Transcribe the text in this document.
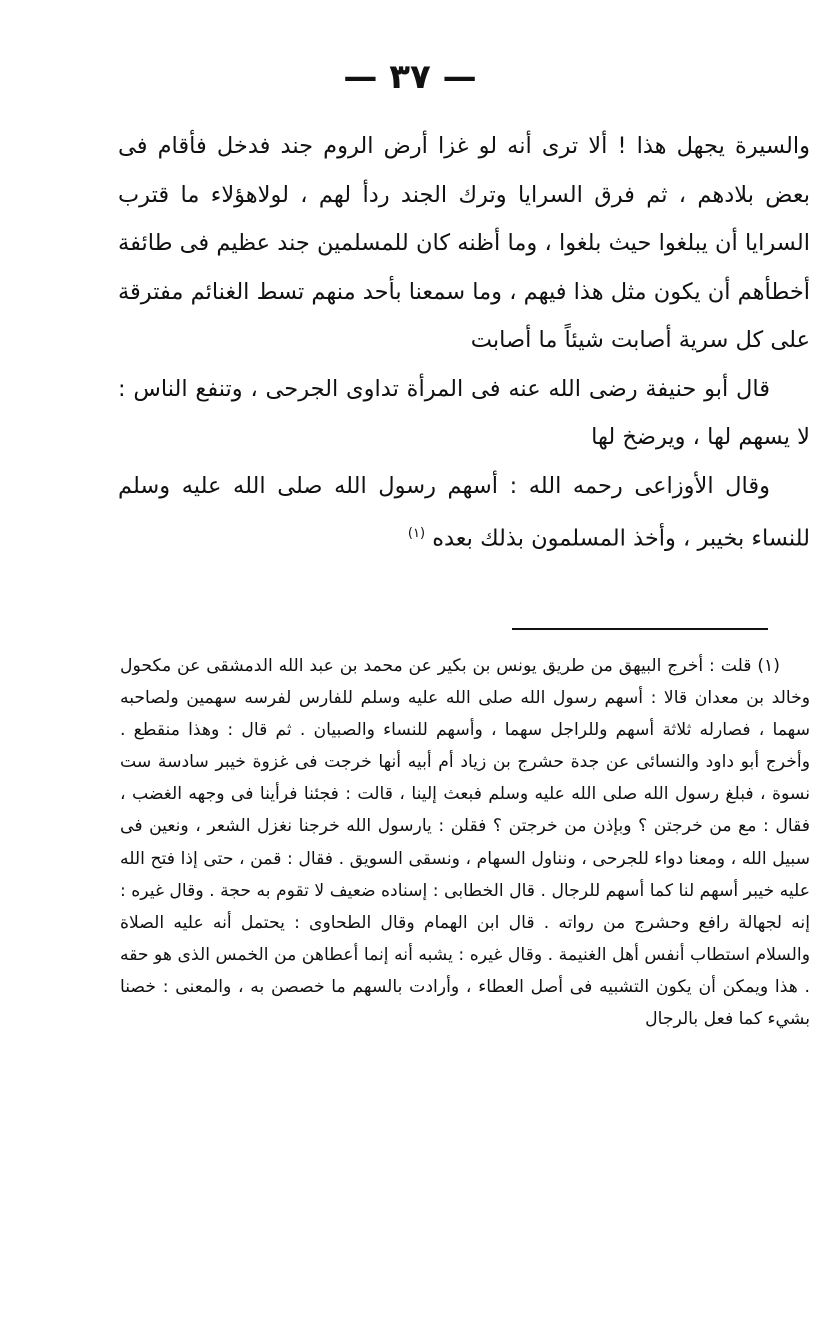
— ٣٧ —

والسيرة يجهل هذا ! ألا ترى أنه لو غزا أرض الروم جند فدخل فأقام فى بعض بلادهم ، ثم فرق السرايا وترك الجند ردأ لهم ، لولاهؤلاء ما قترب السرايا أن يبلغوا حيث بلغوا ، وما أظنه كان للمسلمين جند عظيم فى طائفة أخطأهم أن يكون مثل هذا فيهم ، وما سمعنا بأحد منهم تسط الغنائم مفترقة على كل سرية أصابت شيئاً ما أصابت

قال أبو حنيفة رضى الله عنه فى المرأة تداوى الجرحى ، وتنفع الناس : لا يسهم لها ، ويرضخ لها

وقال الأوزاعى رحمه الله : أسهم رسول الله صلى الله عليه وسلم للنساء بخيبر ، وأخذ المسلمون بذلك بعده $^{(١)}$

(١) قلت : أخرج البيهق من طريق يونس بن بكير عن محمد بن عبد الله الدمشقى عن مكحول وخالد بن معدان قالا : أسهم رسول الله صلى الله عليه وسلم للفارس لفرسه سهمين ولصاحبه سهما ، فصارله ثلاثة أسهم وللراجل سهما ، وأسهم للنساء والصبيان . ثم قال : وهذا منقطع . وأخرج أبو داود والنسائى عن جدة حشرج بن زياد أم أبيه أنها خرجت فى غزوة خيبر سادسة ست نسوة ، فبلغ رسول الله صلى الله عليه وسلم فبعث إلينا ، قالت : فجئنا فرأينا فى وجهه الغضب ، فقال : مع من خرجتن ؟ وبإذن من خرجتن ؟ فقلن : يارسول الله خرجنا نغزل الشعر ، ونعين فى سبيل الله ، ومعنا دواء للجرحى ، ونناول السهام ، ونسقى السويق . فقال : قمن ، حتى إذا فتح الله عليه خيبر أسهم لنا كما أسهم للرجال . قال الخطابى : إسناده ضعيف لا تقوم به حجة . وقال غيره : إنه لجهالة رافع وحشرج من رواته . قال ابن الهمام وقال الطحاوى : يحتمل أنه عليه الصلاة والسلام استطاب أنفس أهل الغنيمة . وقال غيره : يشبه أنه إنما أعطاهن من الخمس الذى هو حقه . هذا ويمكن أن يكون التشبيه فى أصل العطاء ، وأرادت بالسهم ما خصصن به ، والمعنى : خصنا بشيء كما فعل بالرجال
